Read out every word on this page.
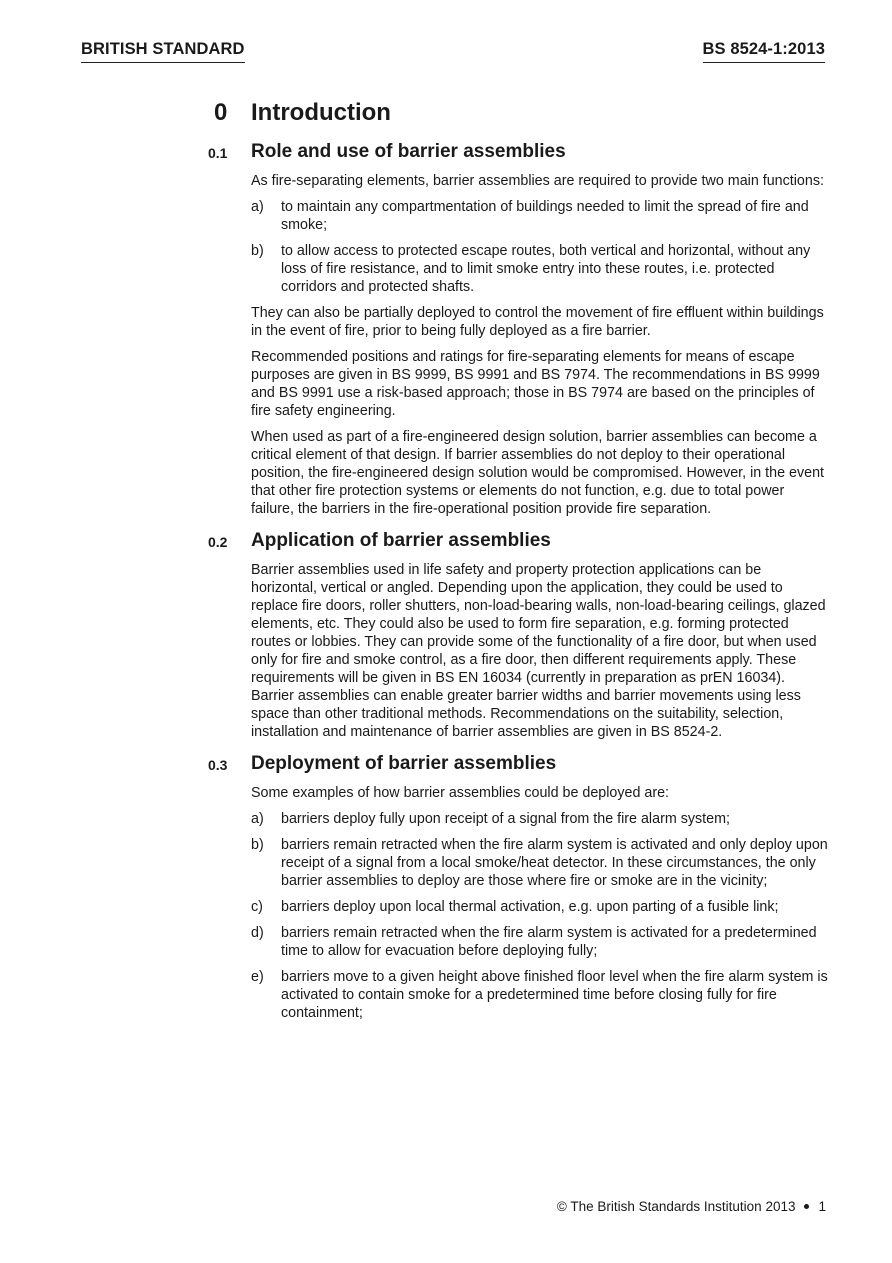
BRITISH STANDARD	BS 8524-1:2013
0 Introduction
0.1 Role and use of barrier assemblies

As fire-separating elements, barrier assemblies are required to provide two main functions:

a) to maintain any compartmentation of buildings needed to limit the spread of fire and smoke;
b) to allow access to protected escape routes, both vertical and horizontal, without any loss of fire resistance, and to limit smoke entry into these routes, i.e. protected corridors and protected shafts.

They can also be partially deployed to control the movement of fire effluent within buildings in the event of fire, prior to being fully deployed as a fire barrier.

Recommended positions and ratings for fire-separating elements for means of escape purposes are given in BS 9999, BS 9991 and BS 7974. The recommendations in BS 9999 and BS 9991 use a risk-based approach; those in BS 7974 are based on the principles of fire safety engineering.

When used as part of a fire-engineered design solution, barrier assemblies can become a critical element of that design. If barrier assemblies do not deploy to their operational position, the fire-engineered design solution would be compromised. However, in the event that other fire protection systems or elements do not function, e.g. due to total power failure, the barriers in the fire-operational position provide fire separation.

0.2 Application of barrier assemblies

Barrier assemblies used in life safety and property protection applications can be horizontal, vertical or angled. Depending upon the application, they could be used to replace fire doors, roller shutters, non-load-bearing walls, non-load-bearing ceilings, glazed elements, etc. They could also be used to form fire separation, e.g. forming protected routes or lobbies. They can provide some of the functionality of a fire door, but when used only for fire and smoke control, as a fire door, then different requirements apply. These requirements will be given in BS EN 16034 (currently in preparation as prEN 16034). Barrier assemblies can enable greater barrier widths and barrier movements using less space than other traditional methods. Recommendations on the suitability, selection, installation and maintenance of barrier assemblies are given in BS 8524-2.

0.3 Deployment of barrier assemblies

Some examples of how barrier assemblies could be deployed are:

a) barriers deploy fully upon receipt of a signal from the fire alarm system;
b) barriers remain retracted when the fire alarm system is activated and only deploy upon receipt of a signal from a local smoke/heat detector. In these circumstances, the only barrier assemblies to deploy are those where fire or smoke are in the vicinity;
c) barriers deploy upon local thermal activation, e.g. upon parting of a fusible link;
d) barriers remain retracted when the fire alarm system is activated for a predetermined time to allow for evacuation before deploying fully;
e) barriers move to a given height above finished floor level when the fire alarm system is activated to contain smoke for a predetermined time before closing fully for fire containment;
© The British Standards Institution 2013 1
